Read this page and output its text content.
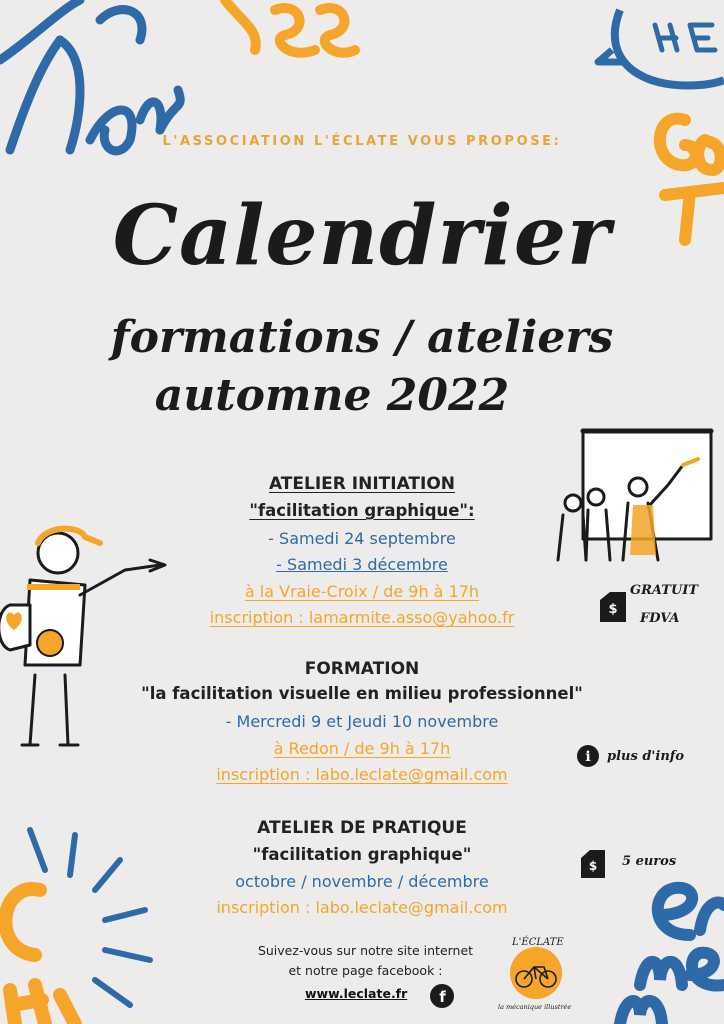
L'ASSOCIATION L'ÉCLATE VOUS PROPOSE:
Calendrier
formations / ateliers
automne 2022
ATELIER INITIATION
"facilitation graphique":
- Samedi 24 septembre
- Samedi 3 décembre
à la Vraie-Croix / de 9h à 17h
inscription : lamarmite.asso@yahoo.fr	$
GRATUIT
FDVA
FORMATION
"la facilitation visuelle en milieu professionnel"
- Mercredi 9 et Jeudi 10 novembre
à Redon / de 9h à 17h
inscription : labo.leclate@gmail.com
i plus d'info
ATELIER DE PRATIQUE
"facilitation graphique"
octobre / novembre / décembre
inscription : labo.leclate@gmail.com
$ 5 euros
Suivez-vous sur notre site internet
et notre page facebook :
www.leclate.fr f
L'ÉCLATE
la mécanique illustrée
